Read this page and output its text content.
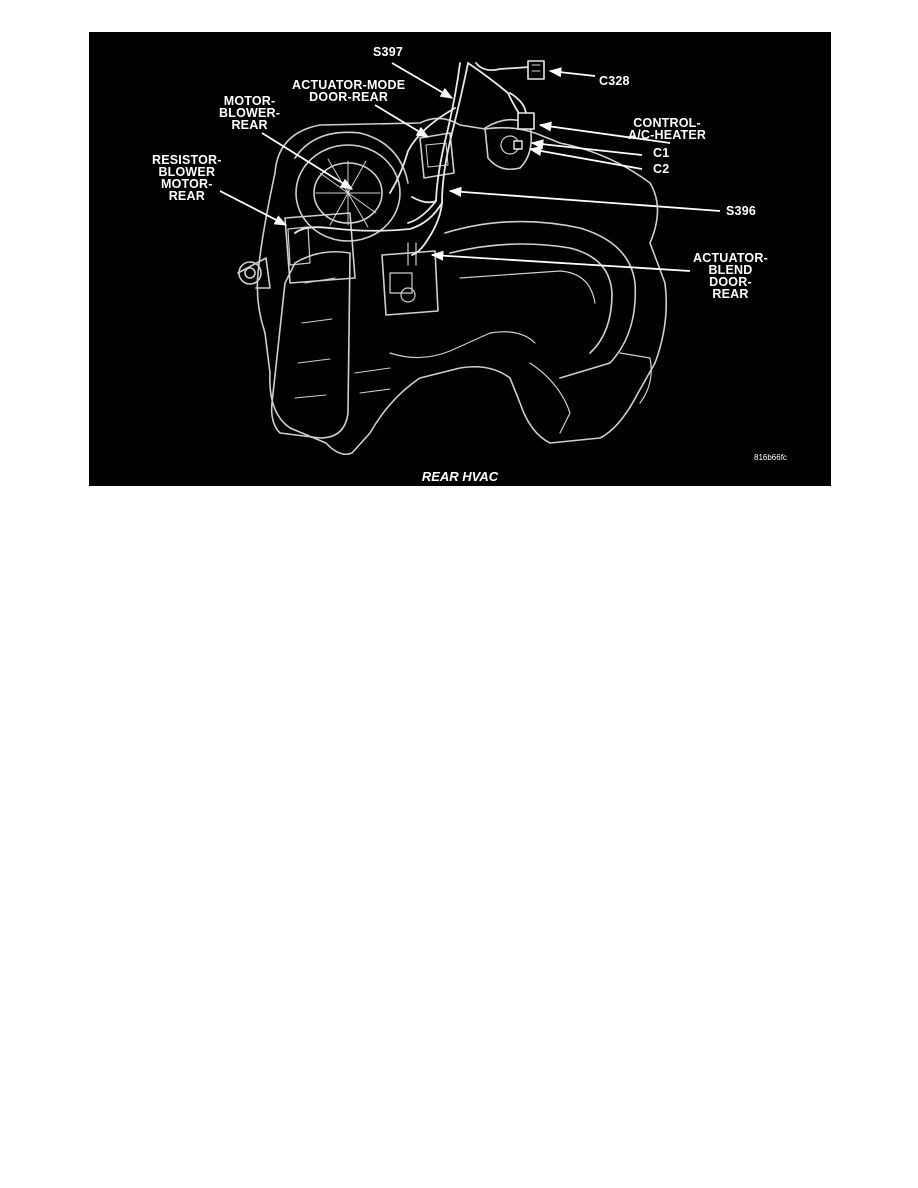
S397
C328
ACTUATOR-MODE
DOOR-REAR
MOTOR-
BLOWER-
REAR	CONTROL-
A/C-HEATER
C1
C2
RESISTOR-
BLOWER
MOTOR-
REAR
S396
ACTUATOR-
BLEND
DOOR-
REAR
816b66fc
REAR HVAC
